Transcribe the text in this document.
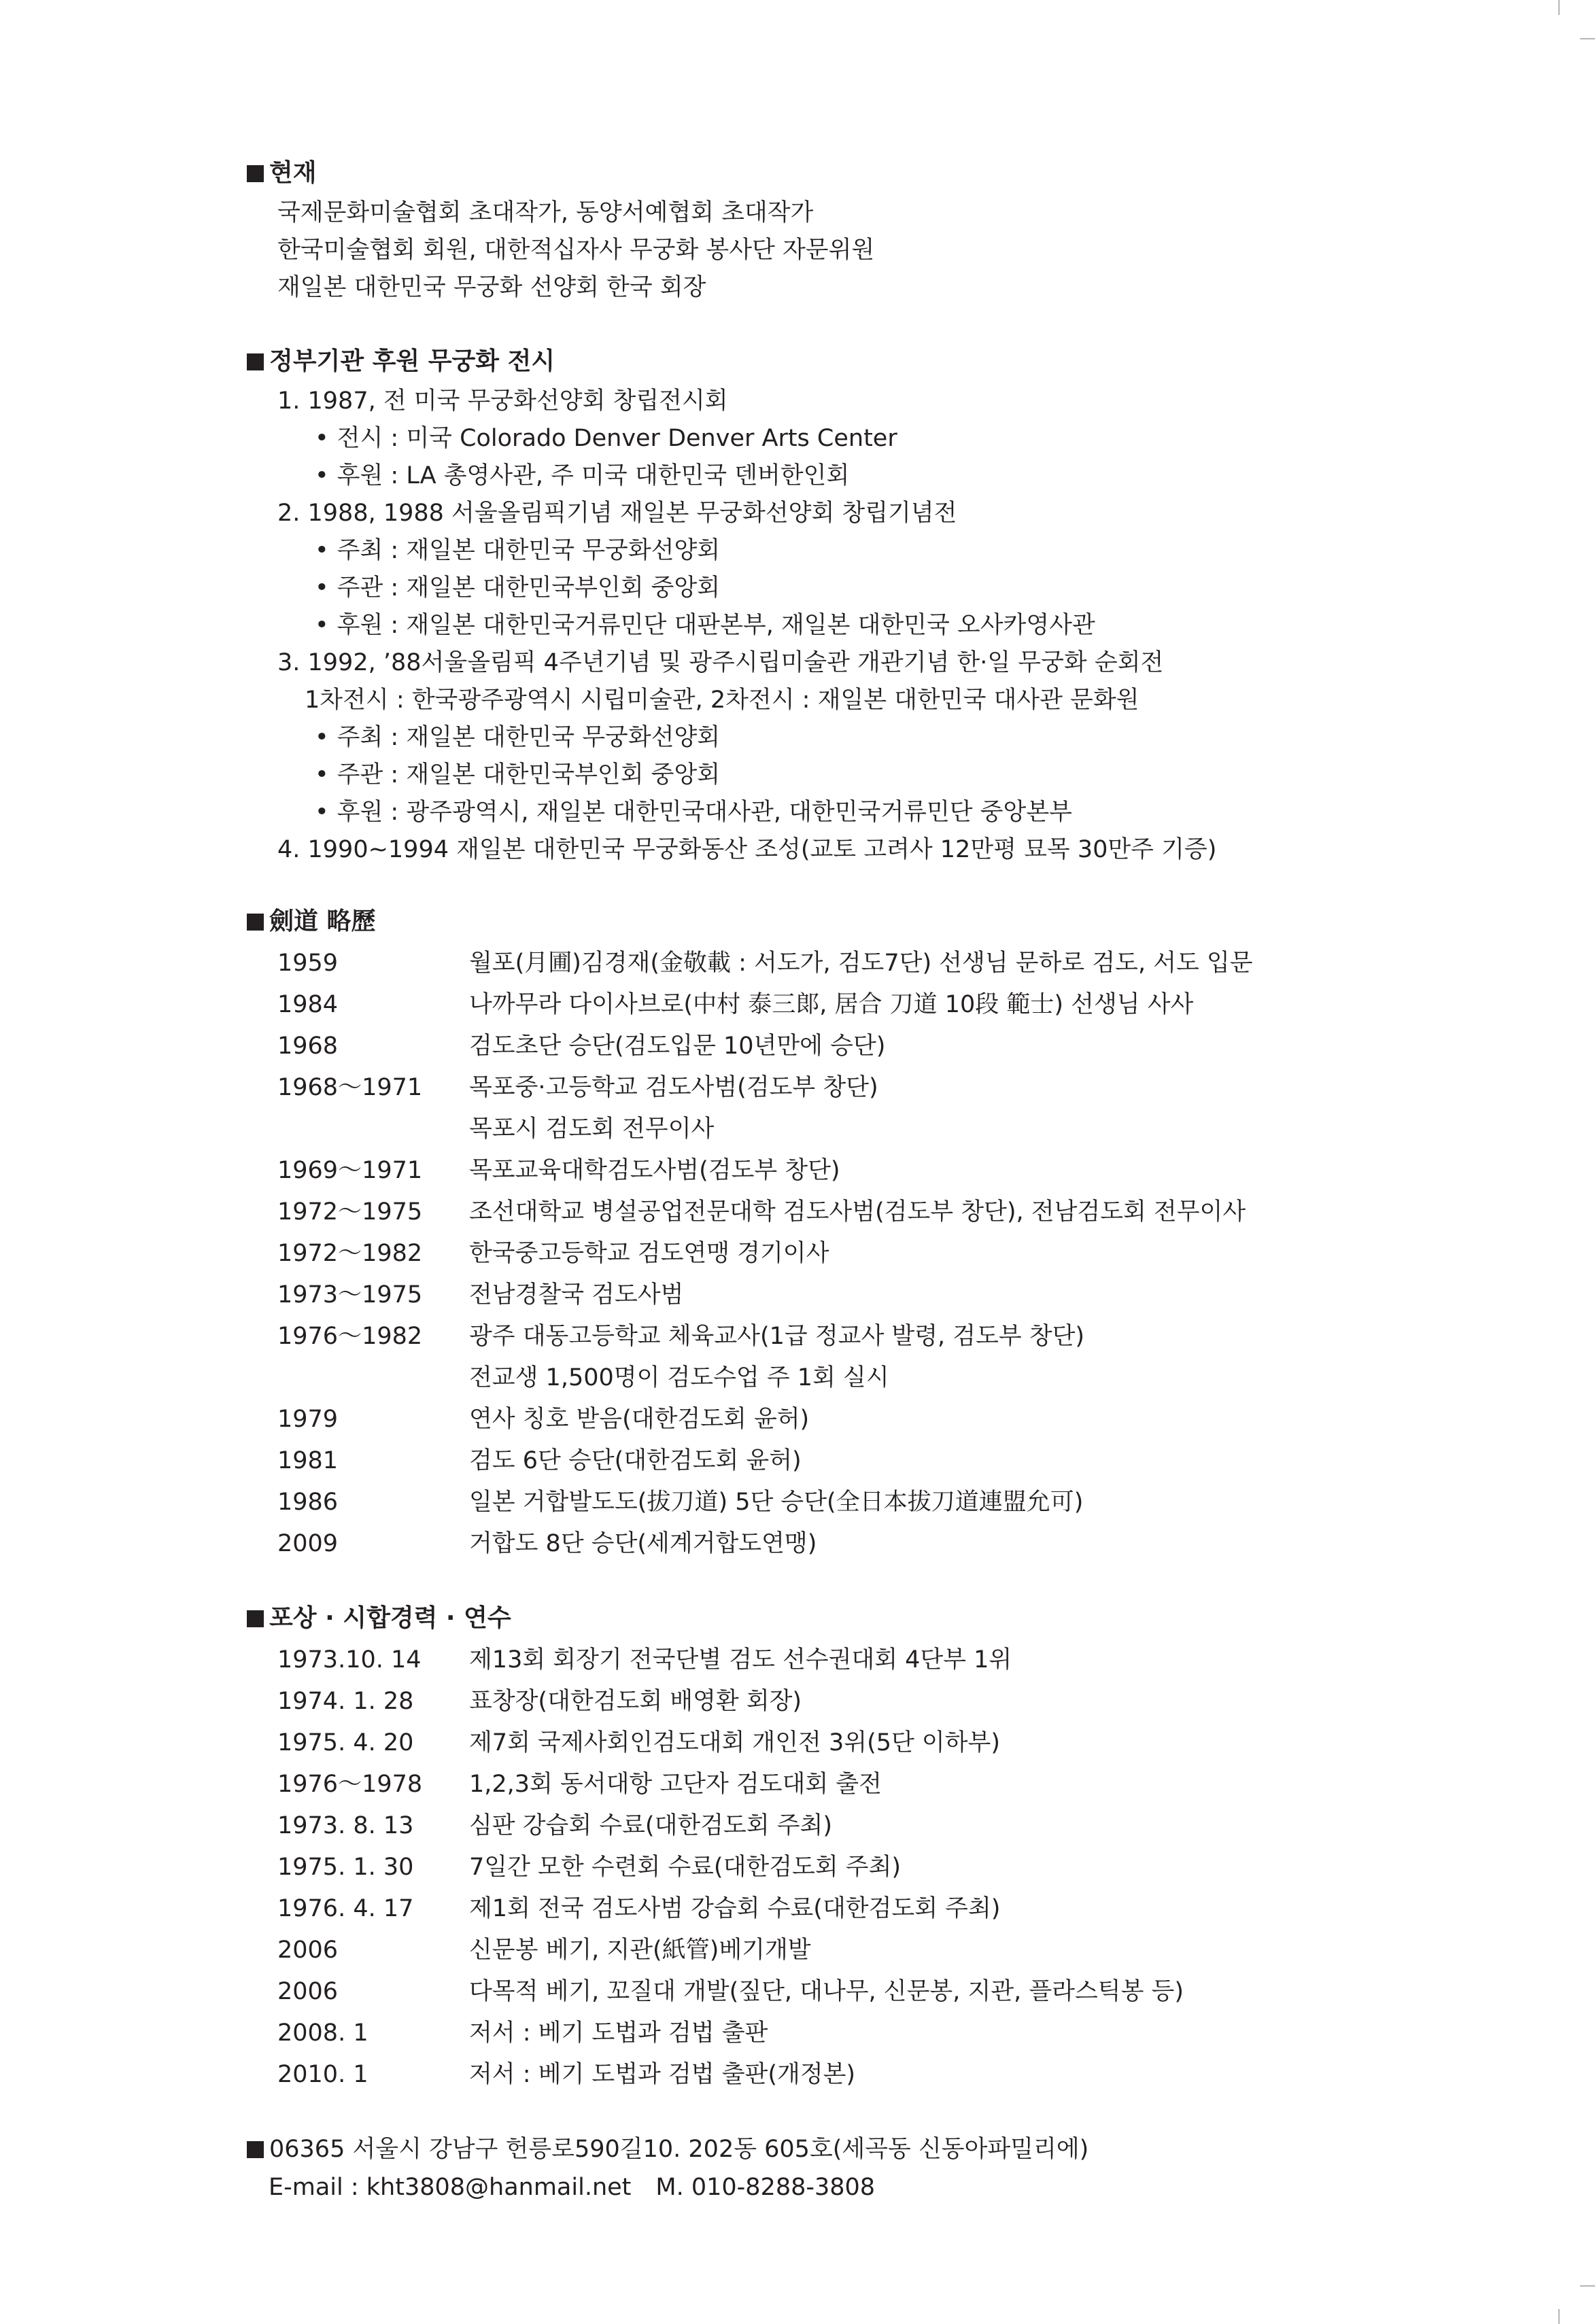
현재
국제문화미술협회 초대작가, 동양서예협회 초대작가
한국미술협회 회원, 대한적십자사 무궁화 봉사단 자문위원
재일본 대한민국 무궁화 선양회 한국 회장
정부기관 후원 무궁화 전시
1. 1987, 전 미국 무궁화선양회 창립전시회
• 전시 : 미국 Colorado Denver Denver Arts Center
• 후원 : LA 총영사관, 주 미국 대한민국 덴버한인회
2. 1988, 1988 서울올림픽기념 재일본 무궁화선양회 창립기념전
• 주최 : 재일본 대한민국 무궁화선양회
• 주관 : 재일본 대한민국부인회 중앙회
• 후원 : 재일본 대한민국거류민단 대판본부, 재일본 대한민국 오사카영사관
3. 1992, ’88서울올림픽 4주년기념 및 광주시립미술관 개관기념 한·일 무궁화 순회전
1차전시 : 한국광주광역시 시립미술관, 2차전시 : 재일본 대한민국 대사관 문화원
• 주최 : 재일본 대한민국 무궁화선양회
• 주관 : 재일본 대한민국부인회 중앙회
• 후원 : 광주광역시, 재일본 대한민국대사관, 대한민국거류민단 중앙본부
4. 1990~1994 재일본 대한민국 무궁화동산 조성(교토 고려사 12만평 묘목 30만주 기증)
劍道 略歷
1959	월포(月圃)김경재(金敬載 : 서도가, 검도7단) 선생님 문하로 검도, 서도 입문
1984	나까무라 다이사브로(中村 泰三郞, 居合 刀道 10段 範士) 선생님 사사
1968	검도초단 승단(검도입문 10년만에 승단)
1968～1971 목포중·고등학교 검도사범(검도부 창단)
목포시 검도회 전무이사
1969～1971 목포교육대학검도사범(검도부 창단)
1972～1975 조선대학교 병설공업전문대학 검도사범(검도부 창단), 전남검도회 전무이사
1972～1982 한국중고등학교 검도연맹 경기이사
1973～1975 전남경찰국 검도사범
1976～1982 광주 대동고등학교 체육교사(1급 정교사 발령, 검도부 창단)
전교생 1,500명이 검도수업 주 1회 실시
1979	연사 칭호 받음(대한검도회 윤허)
1981	검도 6단 승단(대한검도회 윤허)
1986	일본 거합발도도(拔刀道) 5단 승단(全日本拔刀道連盟允可)
2009	거합도 8단 승단(세계거합도연맹)
포상 · 시합경력 · 연수
1973.10. 14 제13회 회장기 전국단별 검도 선수권대회 4단부 1위
1974. 1. 28 표창장(대한검도회 배영환 회장)
1975. 4. 20 제7회 국제사회인검도대회 개인전 3위(5단 이하부)
1976～1978 1,2,3회 동서대항 고단자 검도대회 출전
1973. 8. 13 심판 강습회 수료(대한검도회 주최)
1975. 1. 30 7일간 모한 수련회 수료(대한검도회 주최)
1976. 4. 17 제1회 전국 검도사범 강습회 수료(대한검도회 주최)
2006	신문봉 베기, 지관(紙管)베기개발
2006	다목적 베기, 꼬질대 개발(짚단, 대나무, 신문봉, 지관, 플라스틱봉 등)
2008. 1	저서 : 베기 도법과 검법 출판
2010. 1	저서 : 베기 도법과 검법 출판(개정본)
06365 서울시 강남구 헌릉로590길10. 202동 605호(세곡동 신동아파밀리에)
E-mail : kht3808@hanmail.net M. 010-8288-3808
